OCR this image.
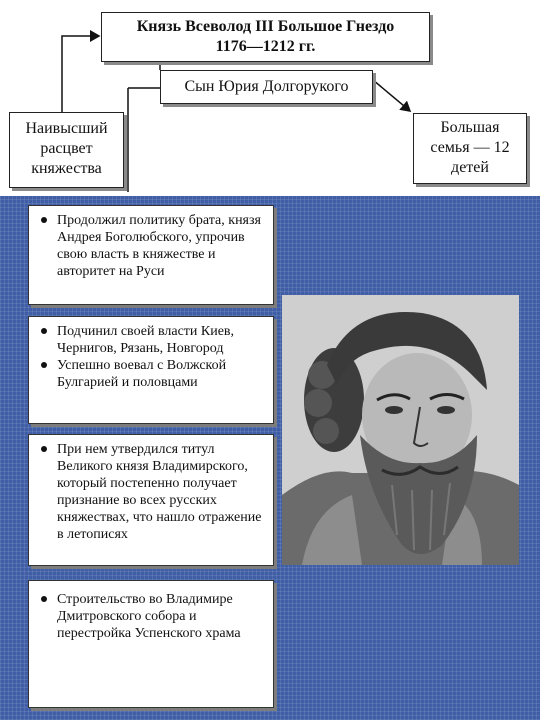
Князь Всеволод III Большое Гнездо
1176—1212 гг.
Сын Юрия Долгорукого
Наивысший
расцвет
княжества
Большая
семья — 12
детей
Продолжил политику брата, князя Андрея Боголюбского, упрочив свою власть в княжестве и авторитет на Руси
Подчинил своей власти Киев, Чернигов, Рязань, Новгород
Успешно воевал с Волжской Булгарией и половцами
При нем утвердился титул Великого князя Владимирского, который постепенно получает признание во всех русских княжествах, что нашло отражение в летописях
Строительство во Владимире Дмитровского собора и перестройка Успенского храма
